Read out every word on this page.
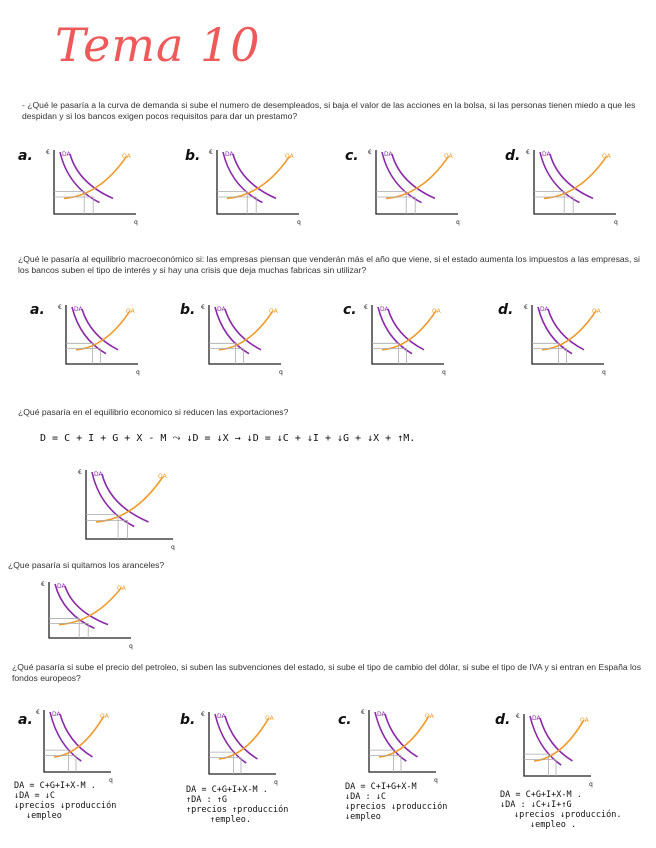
Tema 10
- ¿Qué le pasaría a la curva de demanda si sube el numero de desempleados, si baja el valor de las acciones en la bolsa, si las personas tienen miedo a que les despidan y si los bancos exigen pocos requisitos para dar un prestamo?
¿Qué le pasaría al equilibrio macroeconómico si: las empresas piensan que venderán más el año que viene, si el estado aumenta los impuestos a las empresas, si los bancos suben el tipo de interés y si hay una crisis que deja muchas fabricas sin utilizar?
¿Qué pasaría en el equilibrio economico si reducen las exportaciones?
D = C + I + G + X - M ⤳ ↓D = ↓X → ↓D = ↓C + ↓I + ↓G + ↓X + ↑M.
¿Que pasaría si quitamos los aranceles?
¿Qué pasaría si sube el precio del petroleo, si suben las subvenciones del estado, si sube el tipo de cambio del dólar, si sube el tipo de IVA y si entran en España los fondos europeos?
a.	b.	c.	d.
a.	b.	c.	d.
a.	b.	c.	d.
DA	OA
€
q
DA	OA
€
q
DA	OA
€
q
DA	OA
€
q
DA	OA
€
q
DA	OA
€
q
DA	OA
€
q
DA	OA
€
q
DA	OA
€
q
DA	OA
€
q
DA	OA
€
q
DA	OA
€
q
DA	OA
€
q
DA	OA
€
q
DA = C+G+I+X-M .
↓DA = ↓C
↓precios ↓producción
↓empleo
DA = C+G+I+X-M .
↑DA : ↑G
↑precios ↑producción
↑empleo.
DA = C+I+G+X-M
↓DA : ↓C
↓precios ↓producción
↓empleo
DA = C+G+I+X-M .
↓DA : ↓C+↓I+↑G
↓precios ↓producción.
↓empleo .
